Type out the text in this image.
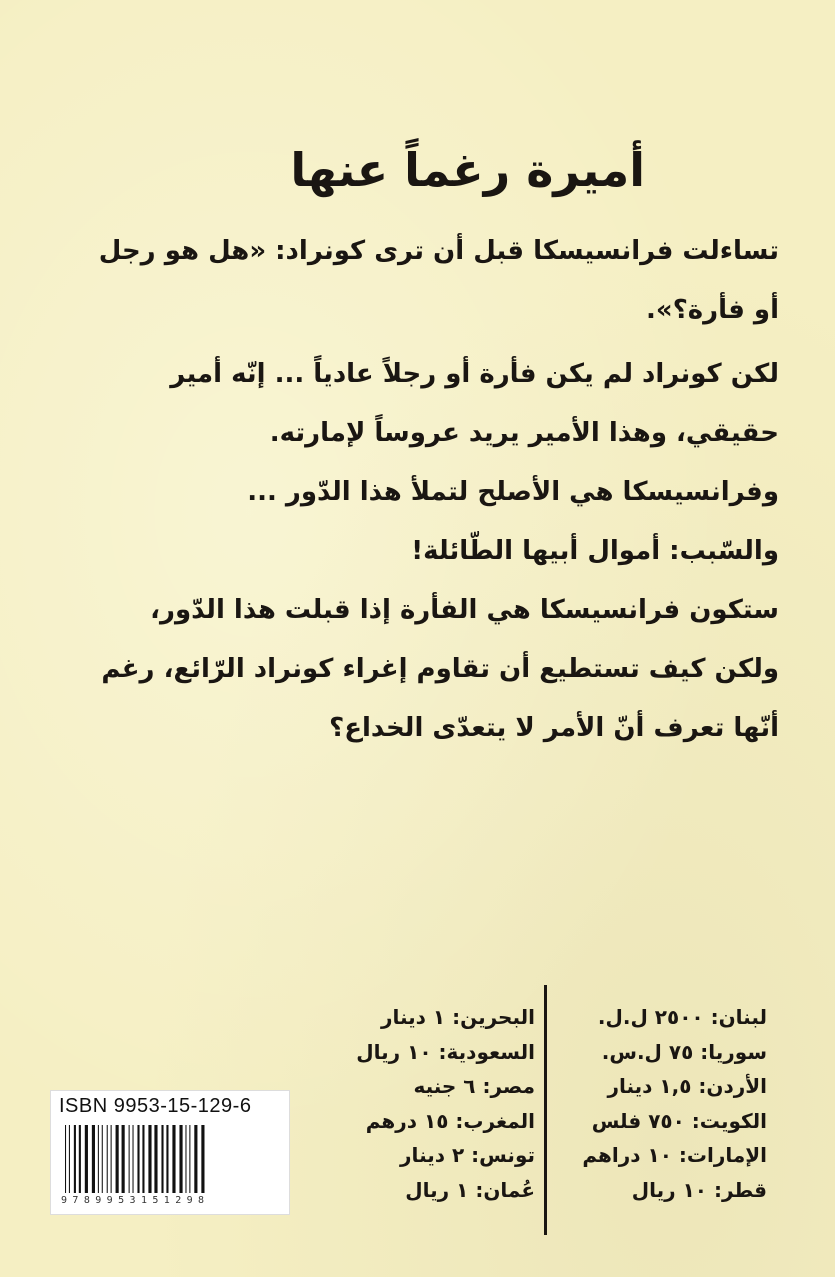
أميرة رغماً عنها

تساءلت فرانسيسكا قبل أن ترى كونراد: «هل هو رجل

أو فأرة؟».

لكن كونراد لم يكن فأرة أو رجلاً عادياً ... إنّه أمير

حقيقي، وهذا الأمير يريد عروساً لإمارته.

وفرانسيسكا هي الأصلح لتملأ هذا الدّور ...

والسّبب: أموال أبيها الطّائلة!

ستكون فرانسيسكا هي الفأرة إذا قبلت هذا الدّور،

ولكن كيف تستطيع أن تقاوم إغراء كونراد الرّائع، رغم

أنّها تعرف أنّ الأمر لا يتعدّى الخداع؟

لبنان: ٢٥٠٠ ل.ل.
سوريا: ٧٥ ل.س.
الأردن: ١,٥ دينار
الكويت: ٧٥٠ فلس
الإمارات: ١٠ دراهم
قطر: ١٠ ريال
البحرين: ١ دينار
السعودية: ١٠ ريال
مصر: ٦ جنيه
المغرب: ١٥ درهم
تونس: ٢ دينار
عُمان: ١ ريال
ISBN 9953-15-129-6
9789953151298
